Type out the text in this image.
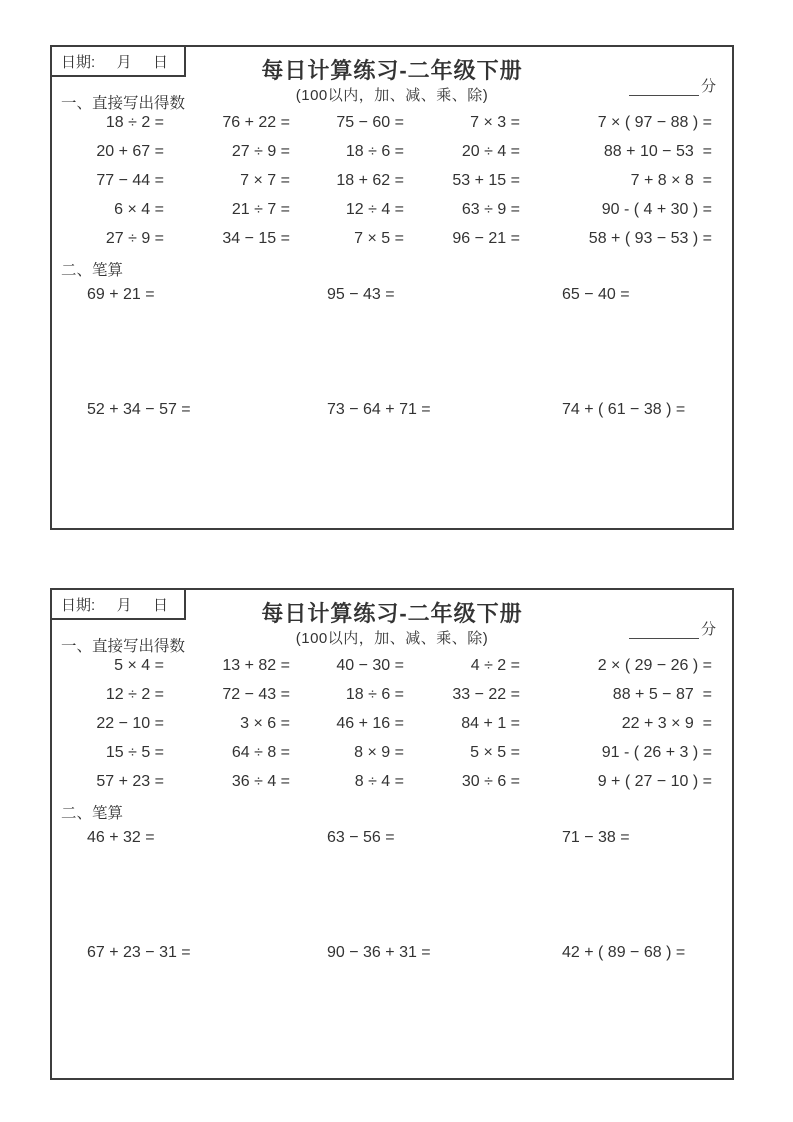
日期: 月 日	每日计算练习-二年级下册
(100以内，加、减、乘、除)
分
一、直接写出得数
18 ÷ 2 =	76 + 22 =	75 − 60 =	7 × 3 =	7 × ( 97 − 88 ) =
20 + 67 =	27 ÷ 9 =	18 ÷ 6 =	20 ÷ 4 =	88 + 10 − 53  =
77 − 44 =	7 × 7 =	18 + 62 =	53 + 15 =	7 + 8 × 8  =
6 × 4 =	21 ÷ 7 =	12 ÷ 4 =	63 ÷ 9 =	90 - ( 4 + 30 ) =
27 ÷ 9 =	34 − 15 =	7 × 5 =	96 − 21 =	58 + ( 93 − 53 ) =
二、笔算
69 + 21 =	95 − 43 =	65 − 40 =
52 + 34 − 57 =	73 − 64 + 71 =	74 + ( 61 − 38 ) =
日期: 月 日	每日计算练习-二年级下册
(100以内，加、减、乘、除)
分
一、直接写出得数
5 × 4 =	13 + 82 =	40 − 30 =	4 ÷ 2 =	2 × ( 29 − 26 ) =
12 ÷ 2 =	72 − 43 =	18 ÷ 6 =	33 − 22 =	88 + 5 − 87  =
22 − 10 =	3 × 6 =	46 + 16 =	84 + 1 =	22 + 3 × 9  =
15 ÷ 5 =	64 ÷ 8 =	8 × 9 =	5 × 5 =	91 - ( 26 + 3 ) =
57 + 23 =	36 ÷ 4 =	8 ÷ 4 =	30 ÷ 6 =	9 + ( 27 − 10 ) =
二、笔算
46 + 32 =	63 − 56 =	71 − 38 =
67 + 23 − 31 =	90 − 36 + 31 =	42 + ( 89 − 68 ) =
